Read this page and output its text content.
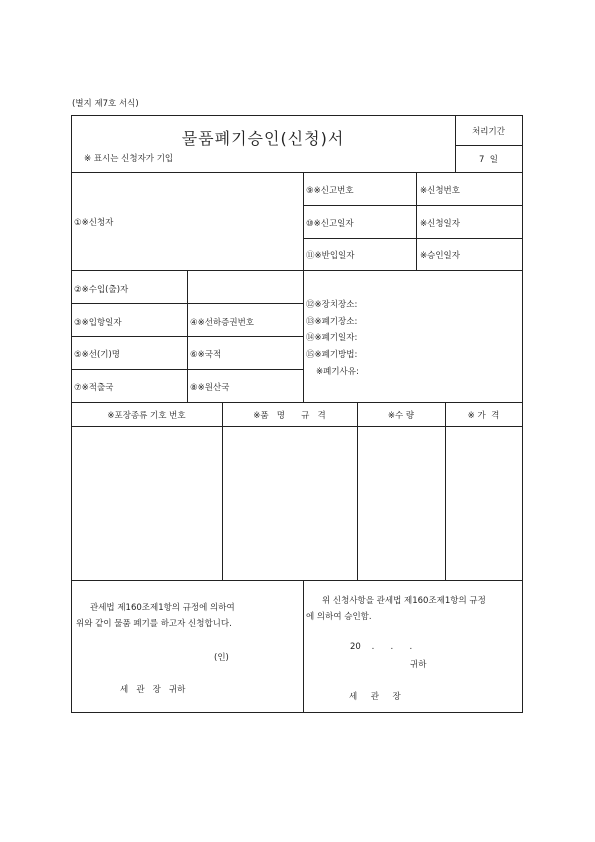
(별지 제7호 서식)
물품폐기승인(신청)서
※ 표시는 신청자가 기입
처리기간
7  일
①※신청자
⑨※신고번호	※신청번호
⑩※신고일자	※신청일자
⑪※반입일자	※승인일자
②※수입(출)자
③※입항일자	④※선하증권번호
⑤※선(기)명	⑥※국적
⑦※적출국	⑧※원산국
⑫※장치장소:
⑬※폐기장소:
⑭※폐기일자:
⑮※폐기방법:
※폐기사유:
※포장종류 기호 번호	※품   명      규   격	※수 량	※ 가  격
관세법 제160조제1항의 규정에 의하여
위와 같이 물품 폐기를 하고자 신청합니다.
(인)
세   관   장   귀하
위 신청사항을 관세법 제160조제1항의 규정
에 의하여 승인함.
20    .      .      .
귀하
세     관     장
